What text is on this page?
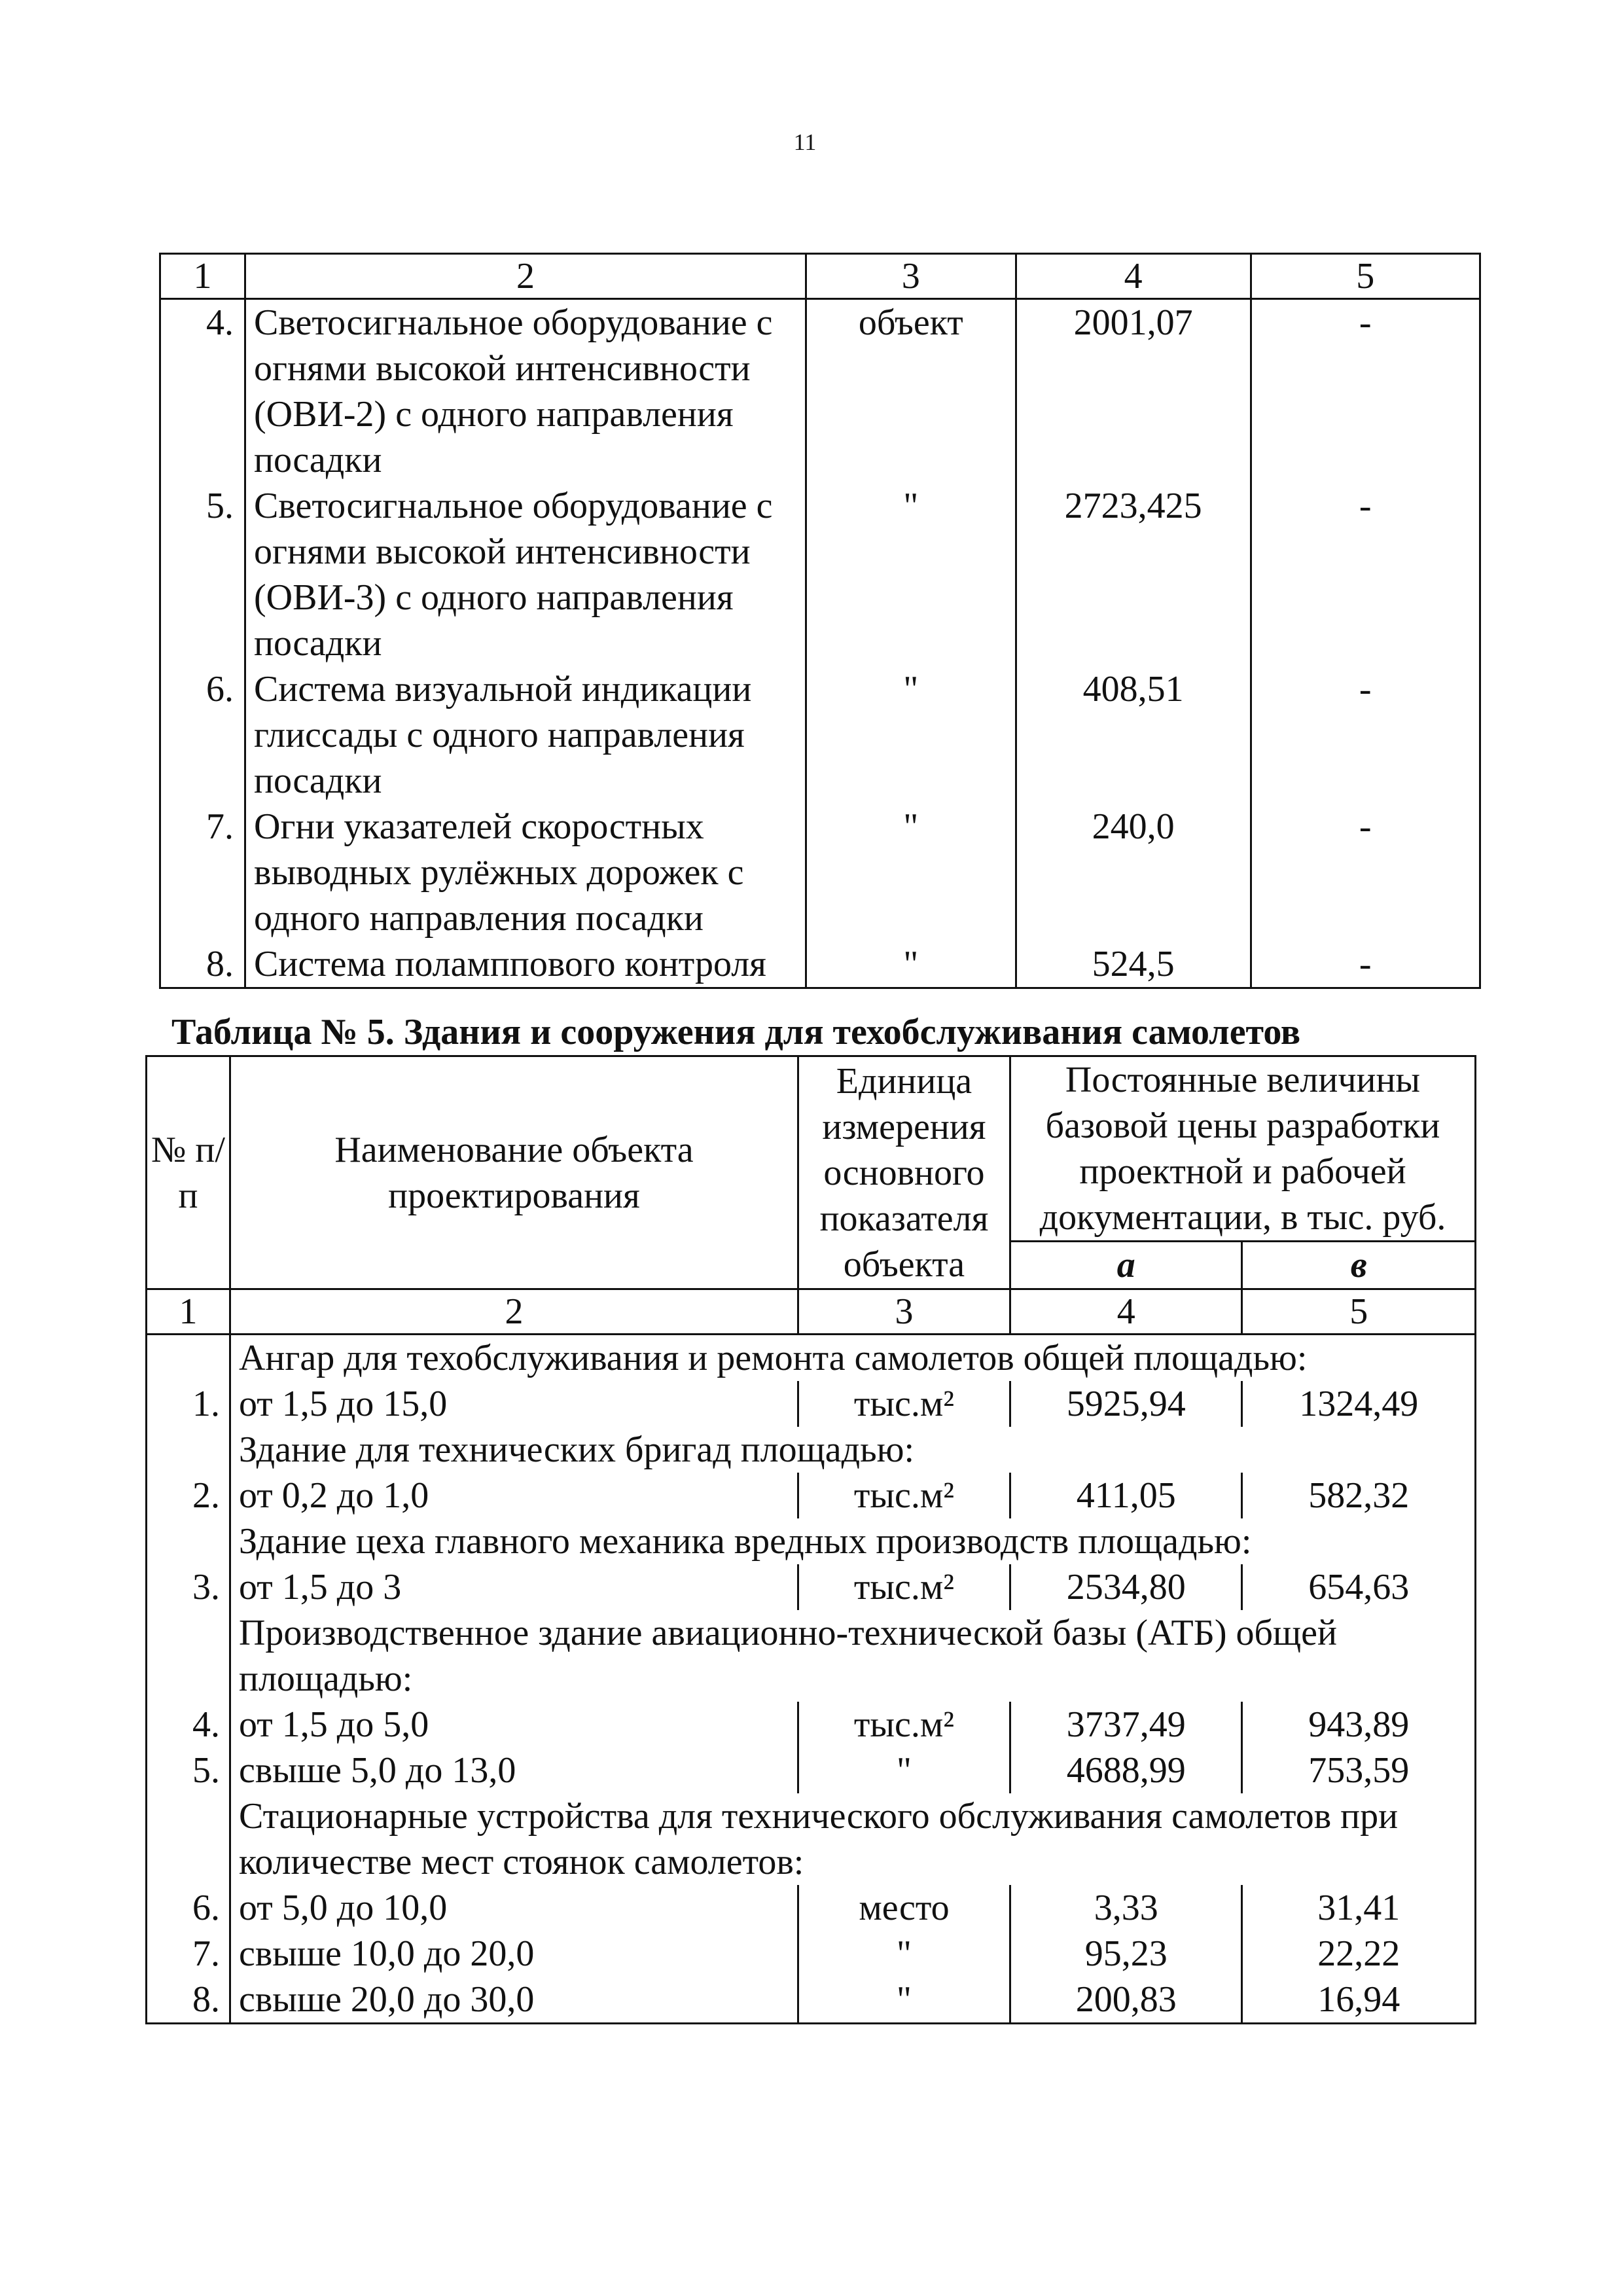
11
1	2	3	4	5
4.	Светосигнальное оборудование с огнями высокой интенсивности (ОВИ-2) с одного направления посадки	объект	2001,07	-
5.	Светосигнальное оборудование с огнями высокой интенсивности (ОВИ-3) с одного направления посадки	"	2723,425	-
6.	Система визуальной индикации глиссады с одного направления посадки	"	408,51	-
7.	Огни указателей скоростных выводных рулёжных дорожек с одного направления посадки	"	240,0	-
8.	Система поламппового контроля	"	524,5	-
Таблица № 5. Здания и сооружения для техобслуживания самолетов
№ п/п	Наименование объекта проектирования	Единица измерения основного показателя объекта	Постоянные величины базовой цены разработки проектной и рабочей документации, в тыс. руб.	
			а	в
1	2	3	4	5
	Ангар для техобслуживания и ремонта самолетов общей площадью:			
1.	от 1,5 до 15,0	тыс.м²	5925,94	1324,49
	Здание для технических бригад площадью:			
2.	от 0,2 до 1,0	тыс.м²	411,05	582,32
	Здание цеха главного механика вредных производств площадью:			
3.	от 1,5 до 3	тыс.м²	2534,80	654,63
	Производственное здание авиационно-технической базы (АТБ) общей площадью:			
4.	от 1,5 до 5,0	тыс.м²	3737,49	943,89
5.	свыше 5,0 до 13,0	"	4688,99	753,59
	Стационарные устройства для технического обслуживания самолетов при количестве мест стоянок самолетов:			
6.	от 5,0 до 10,0	место	3,33	31,41
7.	свыше 10,0 до 20,0	"	95,23	22,22
8.	свыше 20,0 до 30,0	"	200,83	16,94
